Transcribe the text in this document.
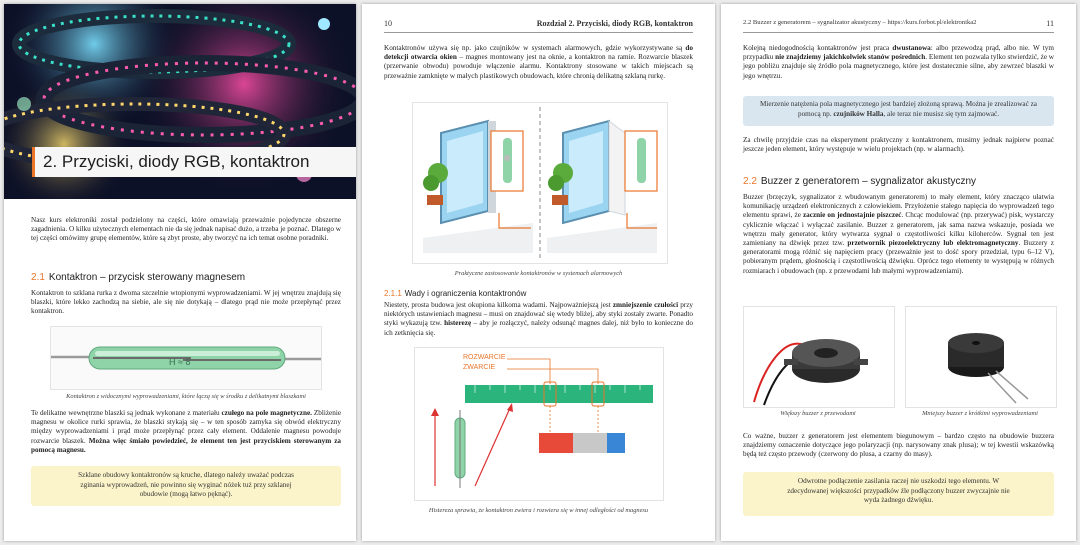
2. Przyciski, diody RGB, kontaktron

Nasz kurs elektroniki został podzielony na części, które omawiają przeważnie pojedyncze obszerne zagadnienia. O kilku użytecznych elementach nie da się jednak napisać dużo, a trzeba je poznać. Dlatego w tej części omówimy grupę elementów, które są zbyt proste, aby tworzyć na ich temat osobne poradniki.

2.1 Kontaktron – przycisk sterowany magnesem

Kontaktron to szklana rurka z dwoma szczelnie wtopionymi wyprowadzeniami. W jej wnętrzu znajdują się blaszki, które lekko zachodzą na siebie, ale się nie dotykają – dlatego prąd nie może przepłynąć przez kontaktron.

H ≈ 8
Kontaktron z widocznymi wyprowadzeniami, które łączą się w środku z delikatnymi blaszkami

Te delikatne wewnętrzne blaszki są jednak wykonane z materiału czułego na pole magnetyczne. Zbliżenie magnesu w okolice rurki sprawia, że blaszki stykają się – w ten sposób zamyka się obwód elektryczny między wyprowadzeniami i prąd może przepłynąć przez cały element. Oddalenie magnesu powoduje rozwarcie blaszek. Można więc śmiało powiedzieć, że element ten jest przyciskiem sterowanym za pomocą magnesu.

Szklane obudowy kontaktronów są kruche, dlatego należy uważać podczas zginania wyprowadzeń, nie powinno się wyginać nóżek tuż przy szklanej obudowie (mogą łatwo pęknąć).
10	Rozdział 2. Przyciski, diody RGB, kontaktron

Kontaktronów używa się np. jako czujników w systemach alarmowych, gdzie wykorzystywane są do detekcji otwarcia okien – magnes montowany jest na oknie, a kontaktron na ramie. Rozwarcie blaszek (przerwanie obwodu) powoduje włączenie alarmu. Kontaktrony stosowane w takich miejscach są przeważnie zamknięte w małych plastikowych obudowach, które chronią delikatną szklaną rurkę.

Praktyczne zastosowanie kontaktronów w systemach alarmowych
2.1.1 Wady i ograniczenia kontaktronów

Niestety, prosta budowa jest okupiona kilkoma wadami. Najpoważniejszą jest zmniejszenie czułości przy niektórych ustawieniach magnesu – musi on znajdować się wtedy bliżej, aby styki zostały zwarte. Ponadto styki wykazują tzw. histerezę – aby je rozłączyć, należy odsunąć magnes dalej, niż było to konieczne do ich zetknięcia się.

ROZWARCIE
ZWARCIE
Histereza sprawia, że kontaktron zwiera i rozwiera się w innej odległości od magnesu
2.2 Buzzer z generatorem – sygnalizator akustyczny – https://kurs.forbot.pl/elektronika2	11

Kolejną niedogodnością kontaktronów jest praca dwustanowa: albo przewodzą prąd, albo nie. W tym przypadku nie znajdziemy jakichkolwiek stanów pośrednich. Element ten pozwala tylko stwierdzić, że w jego pobliżu znajduje się źródło pola magnetycznego, które jest dostatecznie silne, aby zewrzeć blaszki w jego wnętrzu.

Mierzenie natężenia pola magnetycznego jest bardziej złożoną sprawą. Można je zrealizować za pomocą np. czujników Halla, ale teraz nie musisz się tym zajmować.

Za chwilę przyjdzie czas na eksperyment praktyczny z kontaktronem, musimy jednak najpierw poznać jeszcze jeden element, który występuje w wielu projektach (np. w alarmach).

2.2 Buzzer z generatorem – sygnalizator akustyczny

Buzzer (brzęczyk, sygnalizator z wbudowanym generatorem) to mały element, który znacząco ułatwia komunikację urządzeń elektronicznych z człowiekiem. Przyłożenie stałego napięcia do wyprowadzeń tego elementu sprawi, że zacznie on jednostajnie piszczeć. Chcąc modulować (np. przerywać) pisk, wystarczy cyklicznie włączać i wyłączać zasilanie. Buzzer z generatorem, jak sama nazwa wskazuje, posiada we wnętrzu mały generator, który wytwarza sygnał o częstotliwości kilku kiloherców. Sygnał ten jest zamieniany na dźwięk przez tzw. przetwornik piezoelektryczny lub elektromagnetyczny. Buzzery z generatorami mogą różnić się napięciem pracy (przeważnie jest to dość spory przedział, typu 6–12 V), pobieranym prądem, głośnością i częstotliwością dźwięku. Oprócz tego elementy te występują w różnych rozmiarach i obudowach (np. z przewodami lub małymi wyprowadzeniami).

Większy buzzer z przewodami	Mniejszy buzzer z krótkimi wyprowadzeniami

Co ważne, buzzer z generatorem jest elementem biegunowym – bardzo często na obudowie buzzera znajdziemy oznaczenie dotyczące jego polaryzacji (np. narysowany znak plusa); w tej kwestii wskazówką będą też często przewody (czerwony do plusa, a czarny do masy).

Odwrotne podłączenie zasilania raczej nie uszkodzi tego elementu. W zdecydowanej większości przypadków źle podłączony buzzer zwyczajnie nie wyda żadnego dźwięku.
